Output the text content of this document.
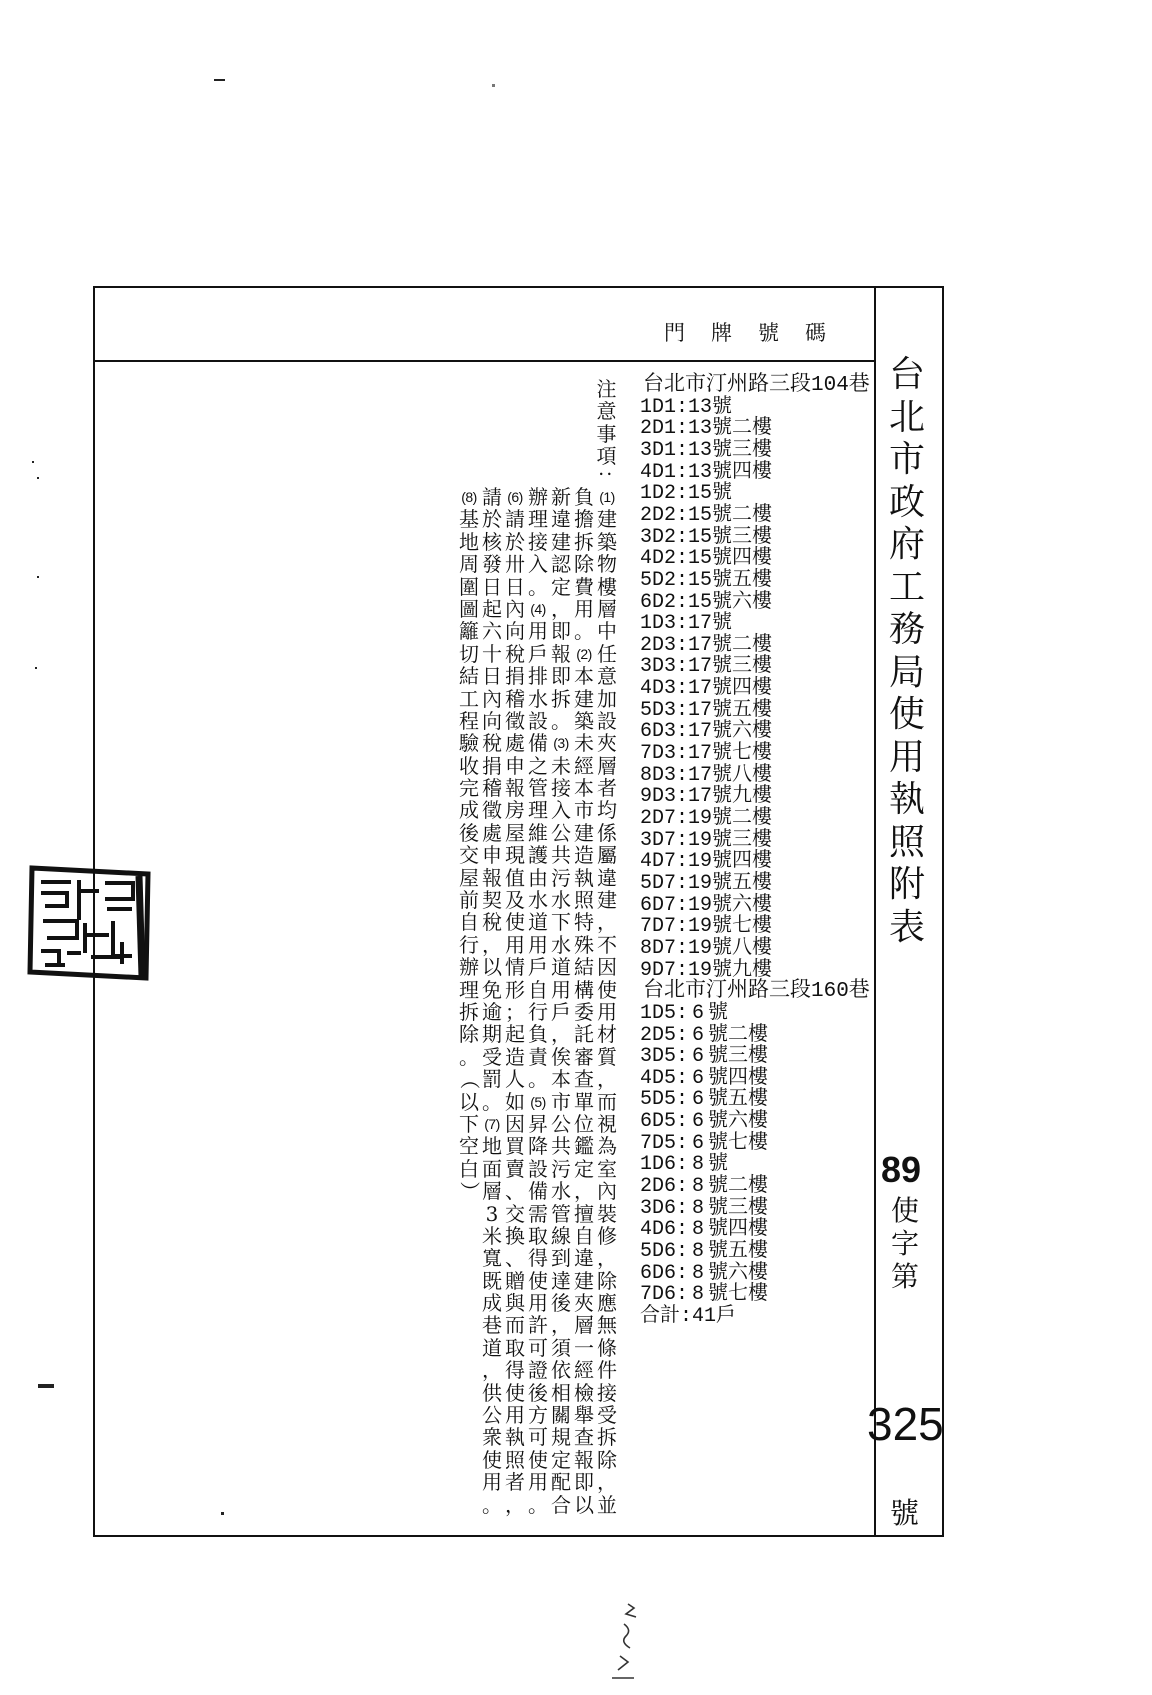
門牌號碼
台
北
市
政
府
工
務
局
使
用
執
照
附
表
89
使
字
第
325
號
注
意
事
項
：
(1)
建
築
物
樓
層
中
任
意
加
設
夾
層
者
均
係
屬
違
建
，
不
因
使
用
材
質
，
而
視
為
室
內
裝
修
，
除
應
無
條
件
接
受
拆
除
，
並
負
擔
拆
除
費
用
。
(2)
本
建
築
未
經
本
市
建
造
執
照
特
殊
結
構
委
託
審
查
單
位
鑑
定
，
擅
自
違
建
夾
層
一
經
檢
舉
查
報
即
以
新
違
建
認
定
，
即
報
即
拆
。
(3)
未
接
入
公
共
污
水
下
水
道
用
戶
，
俟
本
市
公
共
污
水
管
線
到
達
後
，
須
依
相
關
規
定
配
合
辦
理
接
入
。
(4)
用
戶
排
水
設
備
之
管
理
維
護
由
水
道
用
戶
自
行
負
責
。
(5)
昇
降
設
備
需
取
得
使
用
許
可
證
後
方
可
使
用
。
(6)
請
於
卅
日
內
向
稅
捐
稽
徵
處
申
報
房
屋
現
值
及
使
用
情
形
；
起
造
人
如
因
買
賣
、
交
換
、
贈
與
而
取
得
使
用
執
照
者
，
請
於
核
發
日
起
六
十
日
內
向
稅
捐
稽
徵
處
申
報
契
稅
，
以
免
逾
期
受
罰
。
(7)
地
面
層
3
米
寬
既
成
巷
道
，
供
公
衆
使
用
。
(8)
基
地
周
圍
圖
籬
切
結
工
程
驗
收
完
成
後
交
屋
前
自
行
辦
理
拆
除
。
（
以
下
空
白
）
台北市汀州路三段104巷
1D1:13號
2D1:13號二樓
3D1:13號三樓
4D1:13號四樓
1D2:15號
2D2:15號二樓
3D2:15號三樓
4D2:15號四樓
5D2:15號五樓
6D2:15號六樓
1D3:17號
2D3:17號二樓
3D3:17號三樓
4D3:17號四樓
5D3:17號五樓
6D3:17號六樓
7D3:17號七樓
8D3:17號八樓
9D3:17號九樓
2D7:19號二樓
3D7:19號三樓
4D7:19號四樓
5D7:19號五樓
6D7:19號六樓
7D7:19號七樓
8D7:19號八樓
9D7:19號九樓
台北市汀州路三段160巷
1D5: 6 號
2D5: 6 號二樓
3D5: 6 號三樓
4D5: 6 號四樓
5D5: 6 號五樓
6D5: 6 號六樓
7D5: 6 號七樓
1D6: 8 號
2D6: 8 號二樓
3D6: 8 號三樓
4D6: 8 號四樓
5D6: 8 號五樓
6D6: 8 號六樓
7D6: 8 號七樓
合計:41戶
